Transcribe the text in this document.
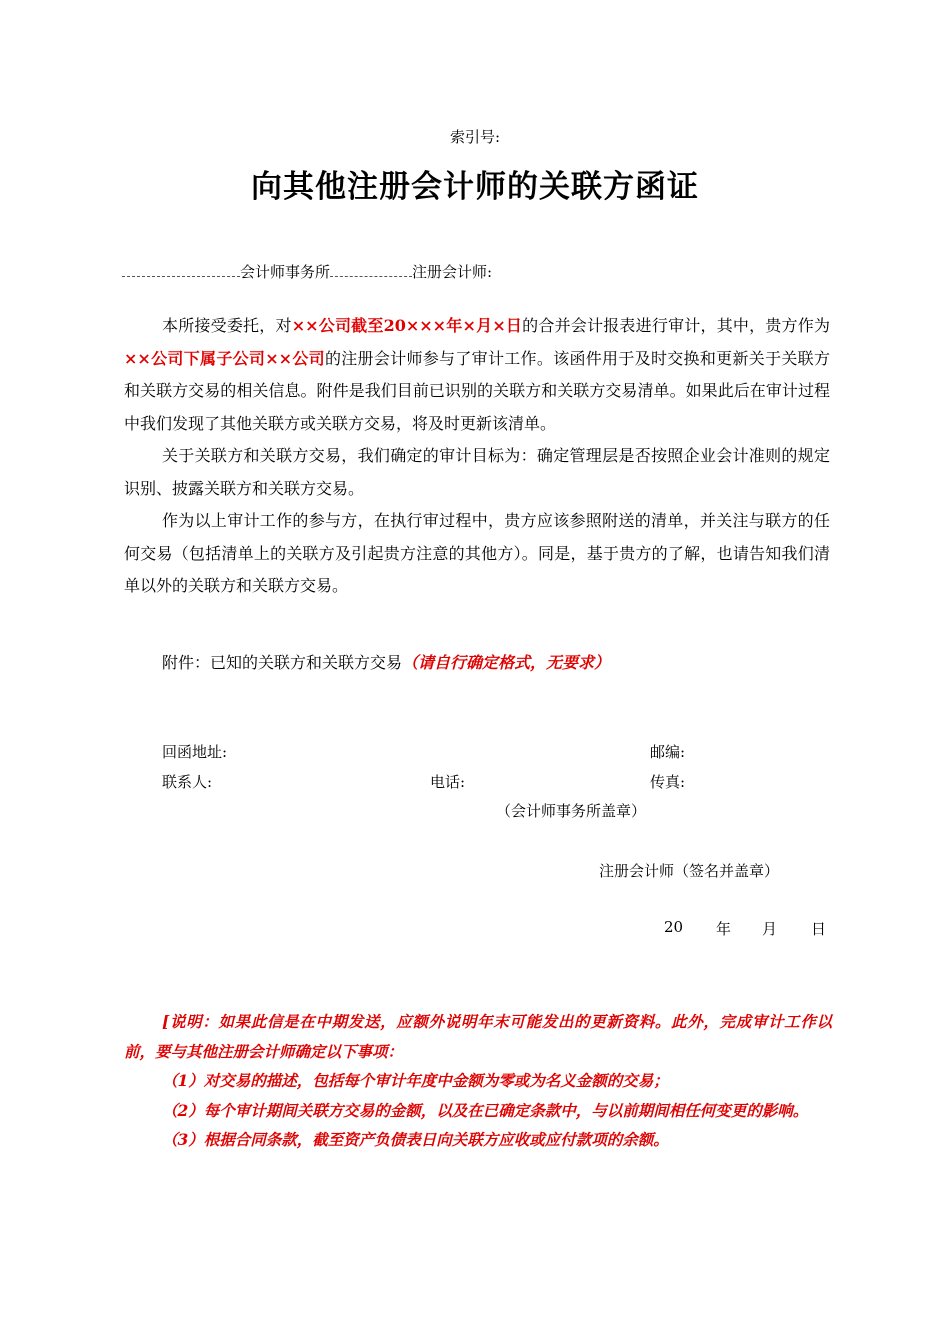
索引号:
向其他注册会计师的关联方函证
会计师事务所	注册会计师:

本所接受委托，对××公司截至20×××年×月×日的合并会计报表进行审计，其中，贵方作为××公司下属子公司××公司的注册会计师参与了审计工作。该函件用于及时交换和更新关于关联方和关联方交易的相关信息。附件是我们目前已识别的关联方和关联方交易清单。如果此后在审计过程中我们发现了其他关联方或关联方交易，将及时更新该清单。

关于关联方和关联方交易，我们确定的审计目标为：确定管理层是否按照企业会计准则的规定识别、披露关联方和关联方交易。

作为以上审计工作的参与方，在执行审过程中，贵方应该参照附送的清单，并关注与联方的任何交易（包括清单上的关联方及引起贵方注意的其他方）。同是，基于贵方的了解，也请告知我们清单以外的关联方和关联方交易。

附件：已知的关联方和关联方交易（请自行确定格式，无要求）
回函地址:	邮编:
联系人:	电话:	传真:
（会计师事务所盖章）
注册会计师（签名并盖章）
20 年 月 日

[说明：如果此信是在中期发送，应额外说明年末可能发出的更新资料。此外，完成审计工作以前，要与其他注册会计师确定以下事项：

（1）对交易的描述，包括每个审计年度中金额为零或为名义金额的交易；

（2）每个审计期间关联方交易的金额，以及在已确定条款中，与以前期间相任何变更的影响。

（3）根据合同条款，截至资产负债表日向关联方应收或应付款项的余额。
